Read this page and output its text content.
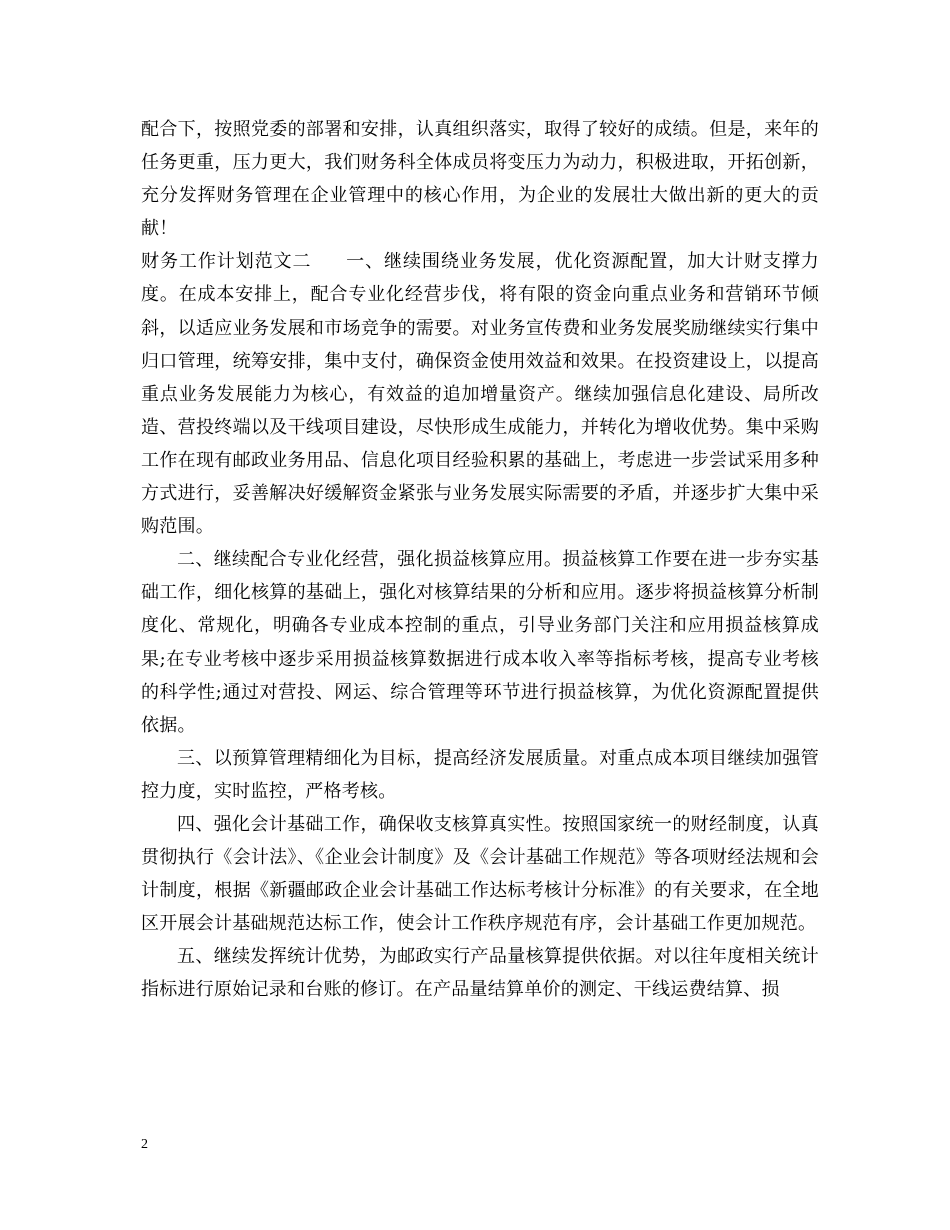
配合下，按照党委的部署和安排，认真组织落实，取得了较好的成绩。但是，来年的任务更重，压力更大，我们财务科全体成员将变压力为动力，积极进取，开拓创新，充分发挥财务管理在企业管理中的核心作用，为企业的发展壮大做出新的更大的贡献！

财务工作计划范文二 一、继续围绕业务发展，优化资源配置，加大计财支撑力度。在成本安排上，配合专业化经营步伐，将有限的资金向重点业务和营销环节倾斜，以适应业务发展和市场竞争的需要。对业务宣传费和业务发展奖励继续实行集中归口管理，统筹安排，集中支付，确保资金使用效益和效果。在投资建设上，以提高重点业务发展能力为核心，有效益的追加增量资产。继续加强信息化建设、局所改造、营投终端以及干线项目建设，尽快形成生成能力，并转化为增收优势。集中采购工作在现有邮政业务用品、信息化项目经验积累的基础上，考虑进一步尝试采用多种方式进行，妥善解决好缓解资金紧张与业务发展实际需要的矛盾，并逐步扩大集中采购范围。

二、继续配合专业化经营，强化损益核算应用。损益核算工作要在进一步夯实基础工作，细化核算的基础上，强化对核算结果的分析和应用。逐步将损益核算分析制度化、常规化，明确各专业成本控制的重点，引导业务部门关注和应用损益核算成果;在专业考核中逐步采用损益核算数据进行成本收入率等指标考核，提高专业考核的科学性;通过对营投、网运、综合管理等环节进行损益核算，为优化资源配置提供依据。

三、以预算管理精细化为目标，提高经济发展质量。对重点成本项目继续加强管控力度，实时监控，严格考核。

四、强化会计基础工作，确保收支核算真实性。按照国家统一的财经制度，认真贯彻执行《会计法》、《企业会计制度》及《会计基础工作规范》等各项财经法规和会计制度，根据《新疆邮政企业会计基础工作达标考核计分标准》的有关要求，在全地区开展会计基础规范达标工作，使会计工作秩序规范有序，会计基础工作更加规范。

五、继续发挥统计优势，为邮政实行产品量核算提供依据。对以往年度相关统计指标进行原始记录和台账的修订。在产品量结算单价的测定、干线运费结算、损

2
